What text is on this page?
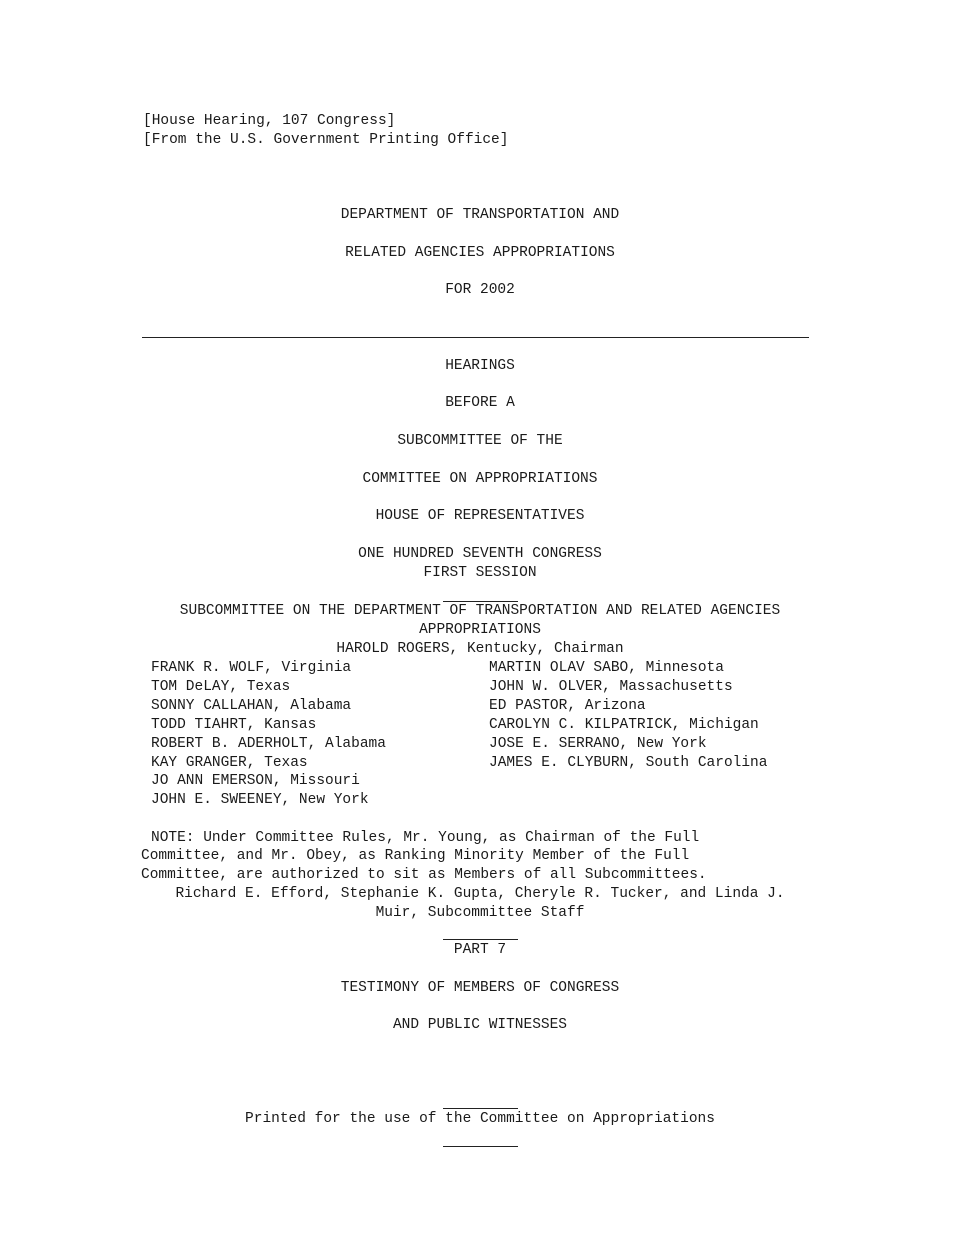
[House Hearing, 107 Congress]
[From the U.S. Government Printing Office]
DEPARTMENT OF TRANSPORTATION AND
RELATED AGENCIES APPROPRIATIONS
FOR 2002
HEARINGS
BEFORE A
SUBCOMMITTEE OF THE
COMMITTEE ON APPROPRIATIONS
HOUSE OF REPRESENTATIVES
ONE HUNDRED SEVENTH CONGRESS
FIRST SESSION
SUBCOMMITTEE ON THE DEPARTMENT OF TRANSPORTATION AND RELATED AGENCIES
APPROPRIATIONS
HAROLD ROGERS, Kentucky, Chairman
FRANK R. WOLF, Virginia
TOM DeLAY, Texas
SONNY CALLAHAN, Alabama
TODD TIAHRT, Kansas
ROBERT B. ADERHOLT, Alabama
KAY GRANGER, Texas
JO ANN EMERSON, Missouri
JOHN E. SWEENEY, New York
MARTIN OLAV SABO, Minnesota
JOHN W. OLVER, Massachusetts
ED PASTOR, Arizona
CAROLYN C. KILPATRICK, Michigan
JOSE E. SERRANO, New York
JAMES E. CLYBURN, South Carolina
NOTE: Under Committee Rules, Mr. Young, as Chairman of the Full
Committee, and Mr. Obey, as Ranking Minority Member of the Full
Committee, are authorized to sit as Members of all Subcommittees.
Richard E. Efford, Stephanie K. Gupta, Cheryle R. Tucker, and Linda J.
Muir, Subcommittee Staff
PART 7
TESTIMONY OF MEMBERS OF CONGRESS
AND PUBLIC WITNESSES
Printed for the use of the Committee on Appropriations
